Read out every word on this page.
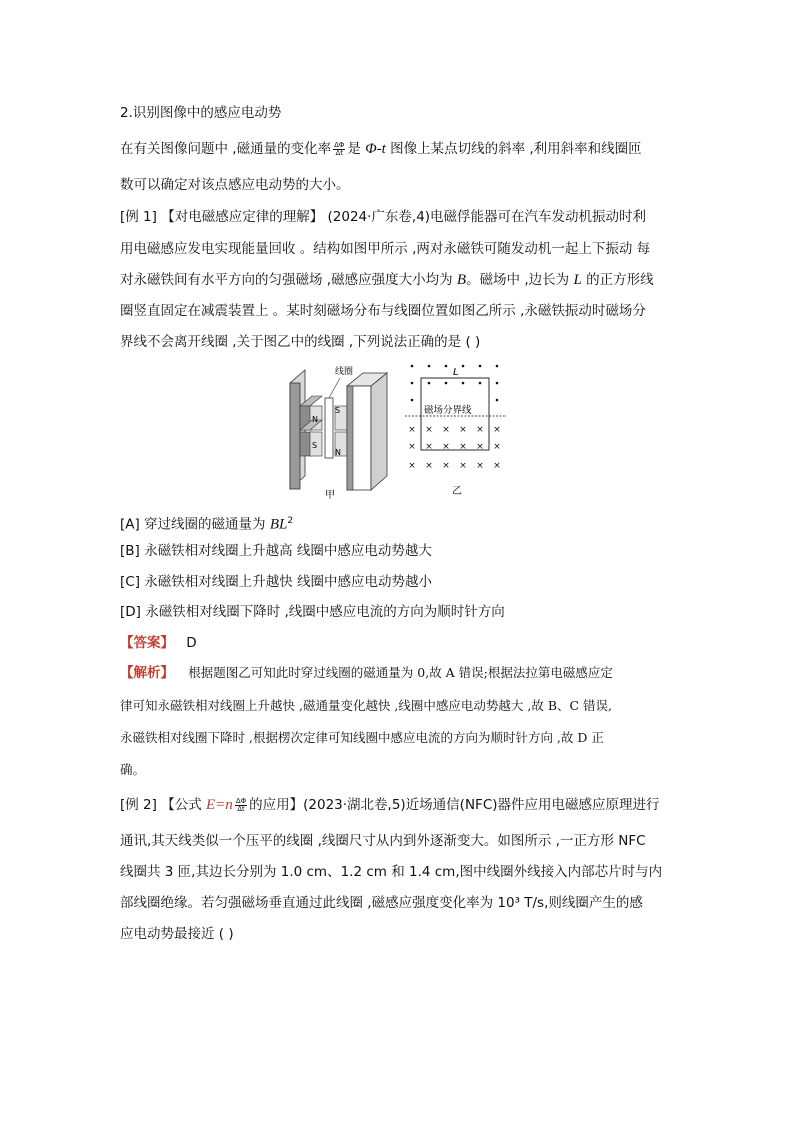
2.识别图像中的感应电动势
在有关图像问题中 ,磁通量的变化率 $\frac{\Delta\Phi}{\Delta t}$ 是 Φ-t 图像上某点切线的斜率 ,利用斜率和线圈匝
数可以确定对该点感应电动势的大小。
[例 1] 【对电磁感应定律的理解】 (2024·广东卷,4)电磁俘能器可在汽车发动机振动时利
用电磁感应发电实现能量回收 。结构如图甲所示 ,两对永磁铁可随发动机一起上下振动 每
对永磁铁间有水平方向的匀强磁场 ,磁感应强度大小均为 B。磁场中 ,边长为 L 的正方形线
圈竖直固定在减震装置上 。某时刻磁场分布与线圈位置如图乙所示 ,永磁铁振动时磁场分
界线不会离开线圈 ,关于图乙中的线圈 ,下列说法正确的是 ( )
N
S
线圈
S
N
甲
L
磁场分界线
× × × × × ×
× × × × × ×
× × × × × ×
乙
[A] 穿过线圈的磁通量为 $BL^2$
[B] 永磁铁相对线圈上升越高 线圈中感应电动势越大
[C] 永磁铁相对线圈上升越快 线圈中感应电动势越小
[D] 永磁铁相对线圈下降时 ,线圈中感应电流的方向为顺时针方向
【答案】 D
【解析】 根据题图乙可知此时穿过线圈的磁通量为 0,故 A 错误;根据法拉第电磁感应定
律可知永磁铁相对线圈上升越快 ,磁通量变化越快 ,线圈中感应电动势越大 ,故 B、C 错误,
永磁铁相对线圈下降时 ,根据楞次定律可知线圈中感应电流的方向为顺时针方向 ,故 D 正
确。
[例 2] 【公式 $E=n \frac{\Delta\Phi}{\Delta t}$ 的应用】(2023·湖北卷,5)近场通信(NFC)器件应用电磁感应原理进行
通讯,其天线类似一个压平的线圈 ,线圈尺寸从内到外逐渐变大。如图所示 ,一正方形 NFC
线圈共 3 匝,其边长分别为 1.0 cm、1.2 cm 和 1.4 cm,图中线圈外线接入内部芯片时与内
部线圈绝缘。若匀强磁场垂直通过此线圈 ,磁感应强度变化率为 10³ T/s,则线圈产生的感
应电动势最接近 ( )
